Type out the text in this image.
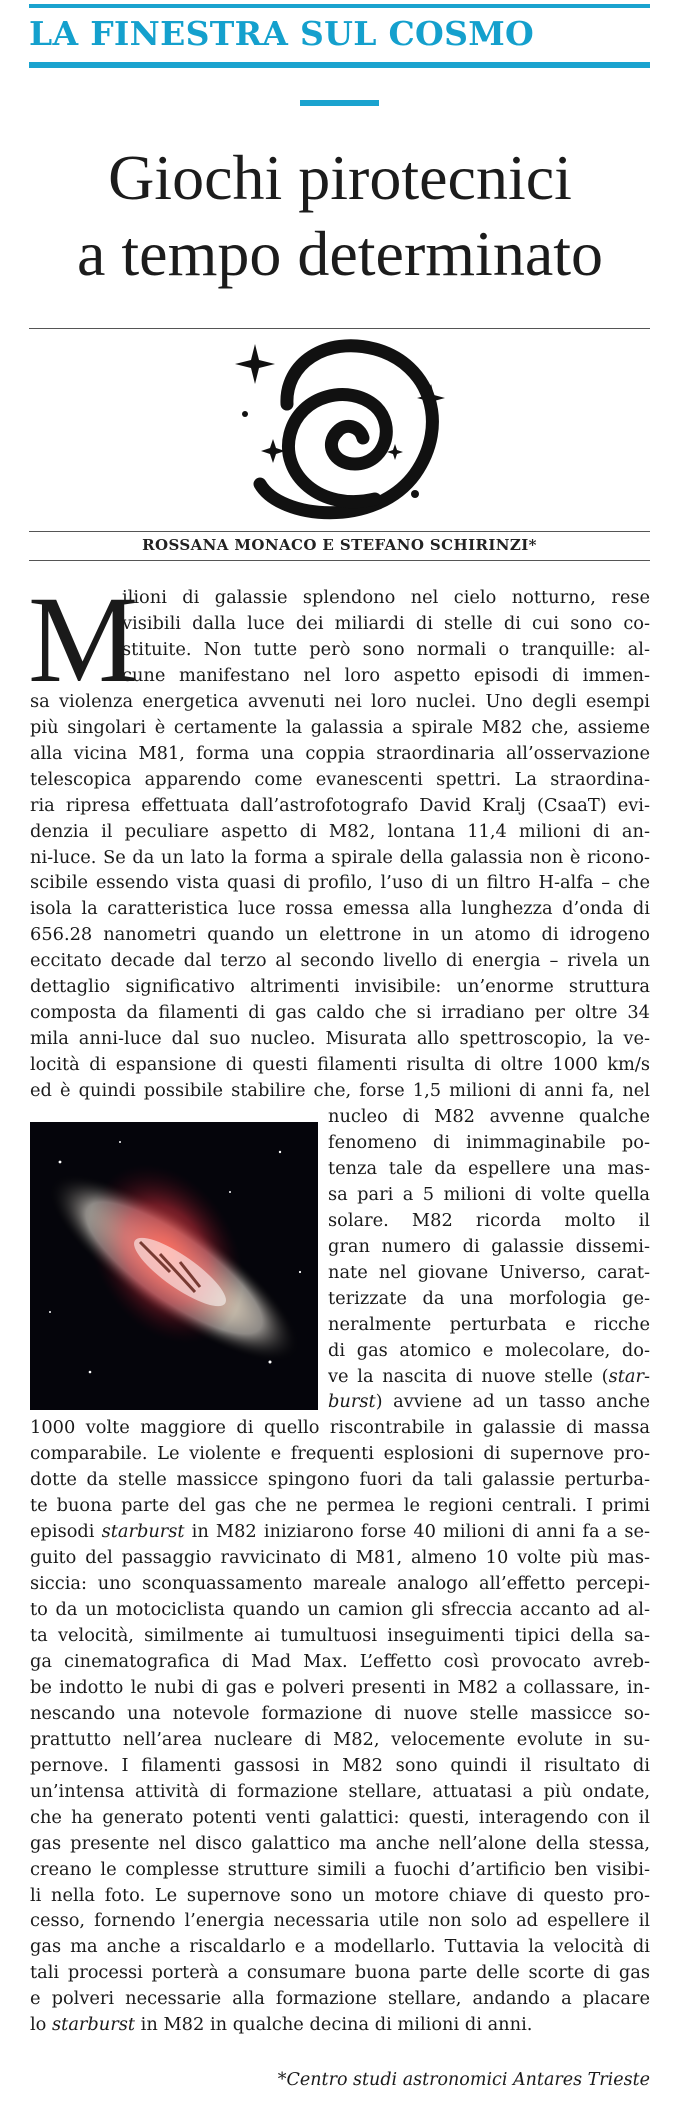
LA FINESTRA SUL COSMO
Giochi pirotecnici
a tempo determinato
ROSSANA MONACO E STEFANO SCHIRINZI*
M
ilioni di galassie splendono nel cielo notturno, rese
visibili dalla luce dei miliardi di stelle di cui sono co-
stituite. Non tutte però sono normali o tranquille: al-
cune manifestano nel loro aspetto episodi di immen-
sa violenza energetica avvenuti nei loro nuclei. Uno degli esempi
più singolari è certamente la galassia a spirale M82 che, assieme
alla vicina M81, forma una coppia straordinaria all’osservazione
telescopica apparendo come evanescenti spettri. La straordina-
ria ripresa effettuata dall’astrofotografo David Kralj (CsaaT) evi-
denzia il peculiare aspetto di M82, lontana 11,4 milioni di an-
ni-luce. Se da un lato la forma a spirale della galassia non è ricono-
scibile essendo vista quasi di profilo, l’uso di un filtro H-alfa – che
isola la caratteristica luce rossa emessa alla lunghezza d’onda di
656.28 nanometri quando un elettrone in un atomo di idrogeno
eccitato decade dal terzo al secondo livello di energia – rivela un
dettaglio significativo altrimenti invisibile: un’enorme struttura
composta da filamenti di gas caldo che si irradiano per oltre 34
mila anni-luce dal suo nucleo. Misurata allo spettroscopio, la ve-
locità di espansione di questi filamenti risulta di oltre 1000 km/s
ed è quindi possibile stabilire che, forse 1,5 milioni di anni fa, nel
nucleo di M82 avvenne qualche
fenomeno di inimmaginabile po-
tenza tale da espellere una mas-
sa pari a 5 milioni di volte quella
solare. M82 ricorda molto il
gran numero di galassie dissemi-
nate nel giovane Universo, carat-
terizzate da una morfologia ge-
neralmente perturbata e ricche
di gas atomico e molecolare, do-
ve la nascita di nuove stelle (star-
burst) avviene ad un tasso anche
1000 volte maggiore di quello riscontrabile in galassie di massa
comparabile. Le violente e frequenti esplosioni di supernove pro-
dotte da stelle massicce spingono fuori da tali galassie perturba-
te buona parte del gas che ne permea le regioni centrali. I primi
episodi starburst in M82 iniziarono forse 40 milioni di anni fa a se-
guito del passaggio ravvicinato di M81, almeno 10 volte più mas-
siccia: uno sconquassamento mareale analogo all’effetto percepi-
to da un motociclista quando un camion gli sfreccia accanto ad al-
ta velocità, similmente ai tumultuosi inseguimenti tipici della sa-
ga cinematografica di Mad Max. L’effetto così provocato avreb-
be indotto le nubi di gas e polveri presenti in M82 a collassare, in-
nescando una notevole formazione di nuove stelle massicce so-
prattutto nell’area nucleare di M82, velocemente evolute in su-
pernove. I filamenti gassosi in M82 sono quindi il risultato di
un’intensa attività di formazione stellare, attuatasi a più ondate,
che ha generato potenti venti galattici: questi, interagendo con il
gas presente nel disco galattico ma anche nell’alone della stessa,
creano le complesse strutture simili a fuochi d’artificio ben visibi-
li nella foto. Le supernove sono un motore chiave di questo pro-
cesso, fornendo l’energia necessaria utile non solo ad espellere il
gas ma anche a riscaldarlo e a modellarlo. Tuttavia la velocità di
tali processi porterà a consumare buona parte delle scorte di gas
e polveri necessarie alla formazione stellare, andando a placare
lo starburst in M82 in qualche decina di milioni di anni.
*Centro studi astronomici Antares Trieste
